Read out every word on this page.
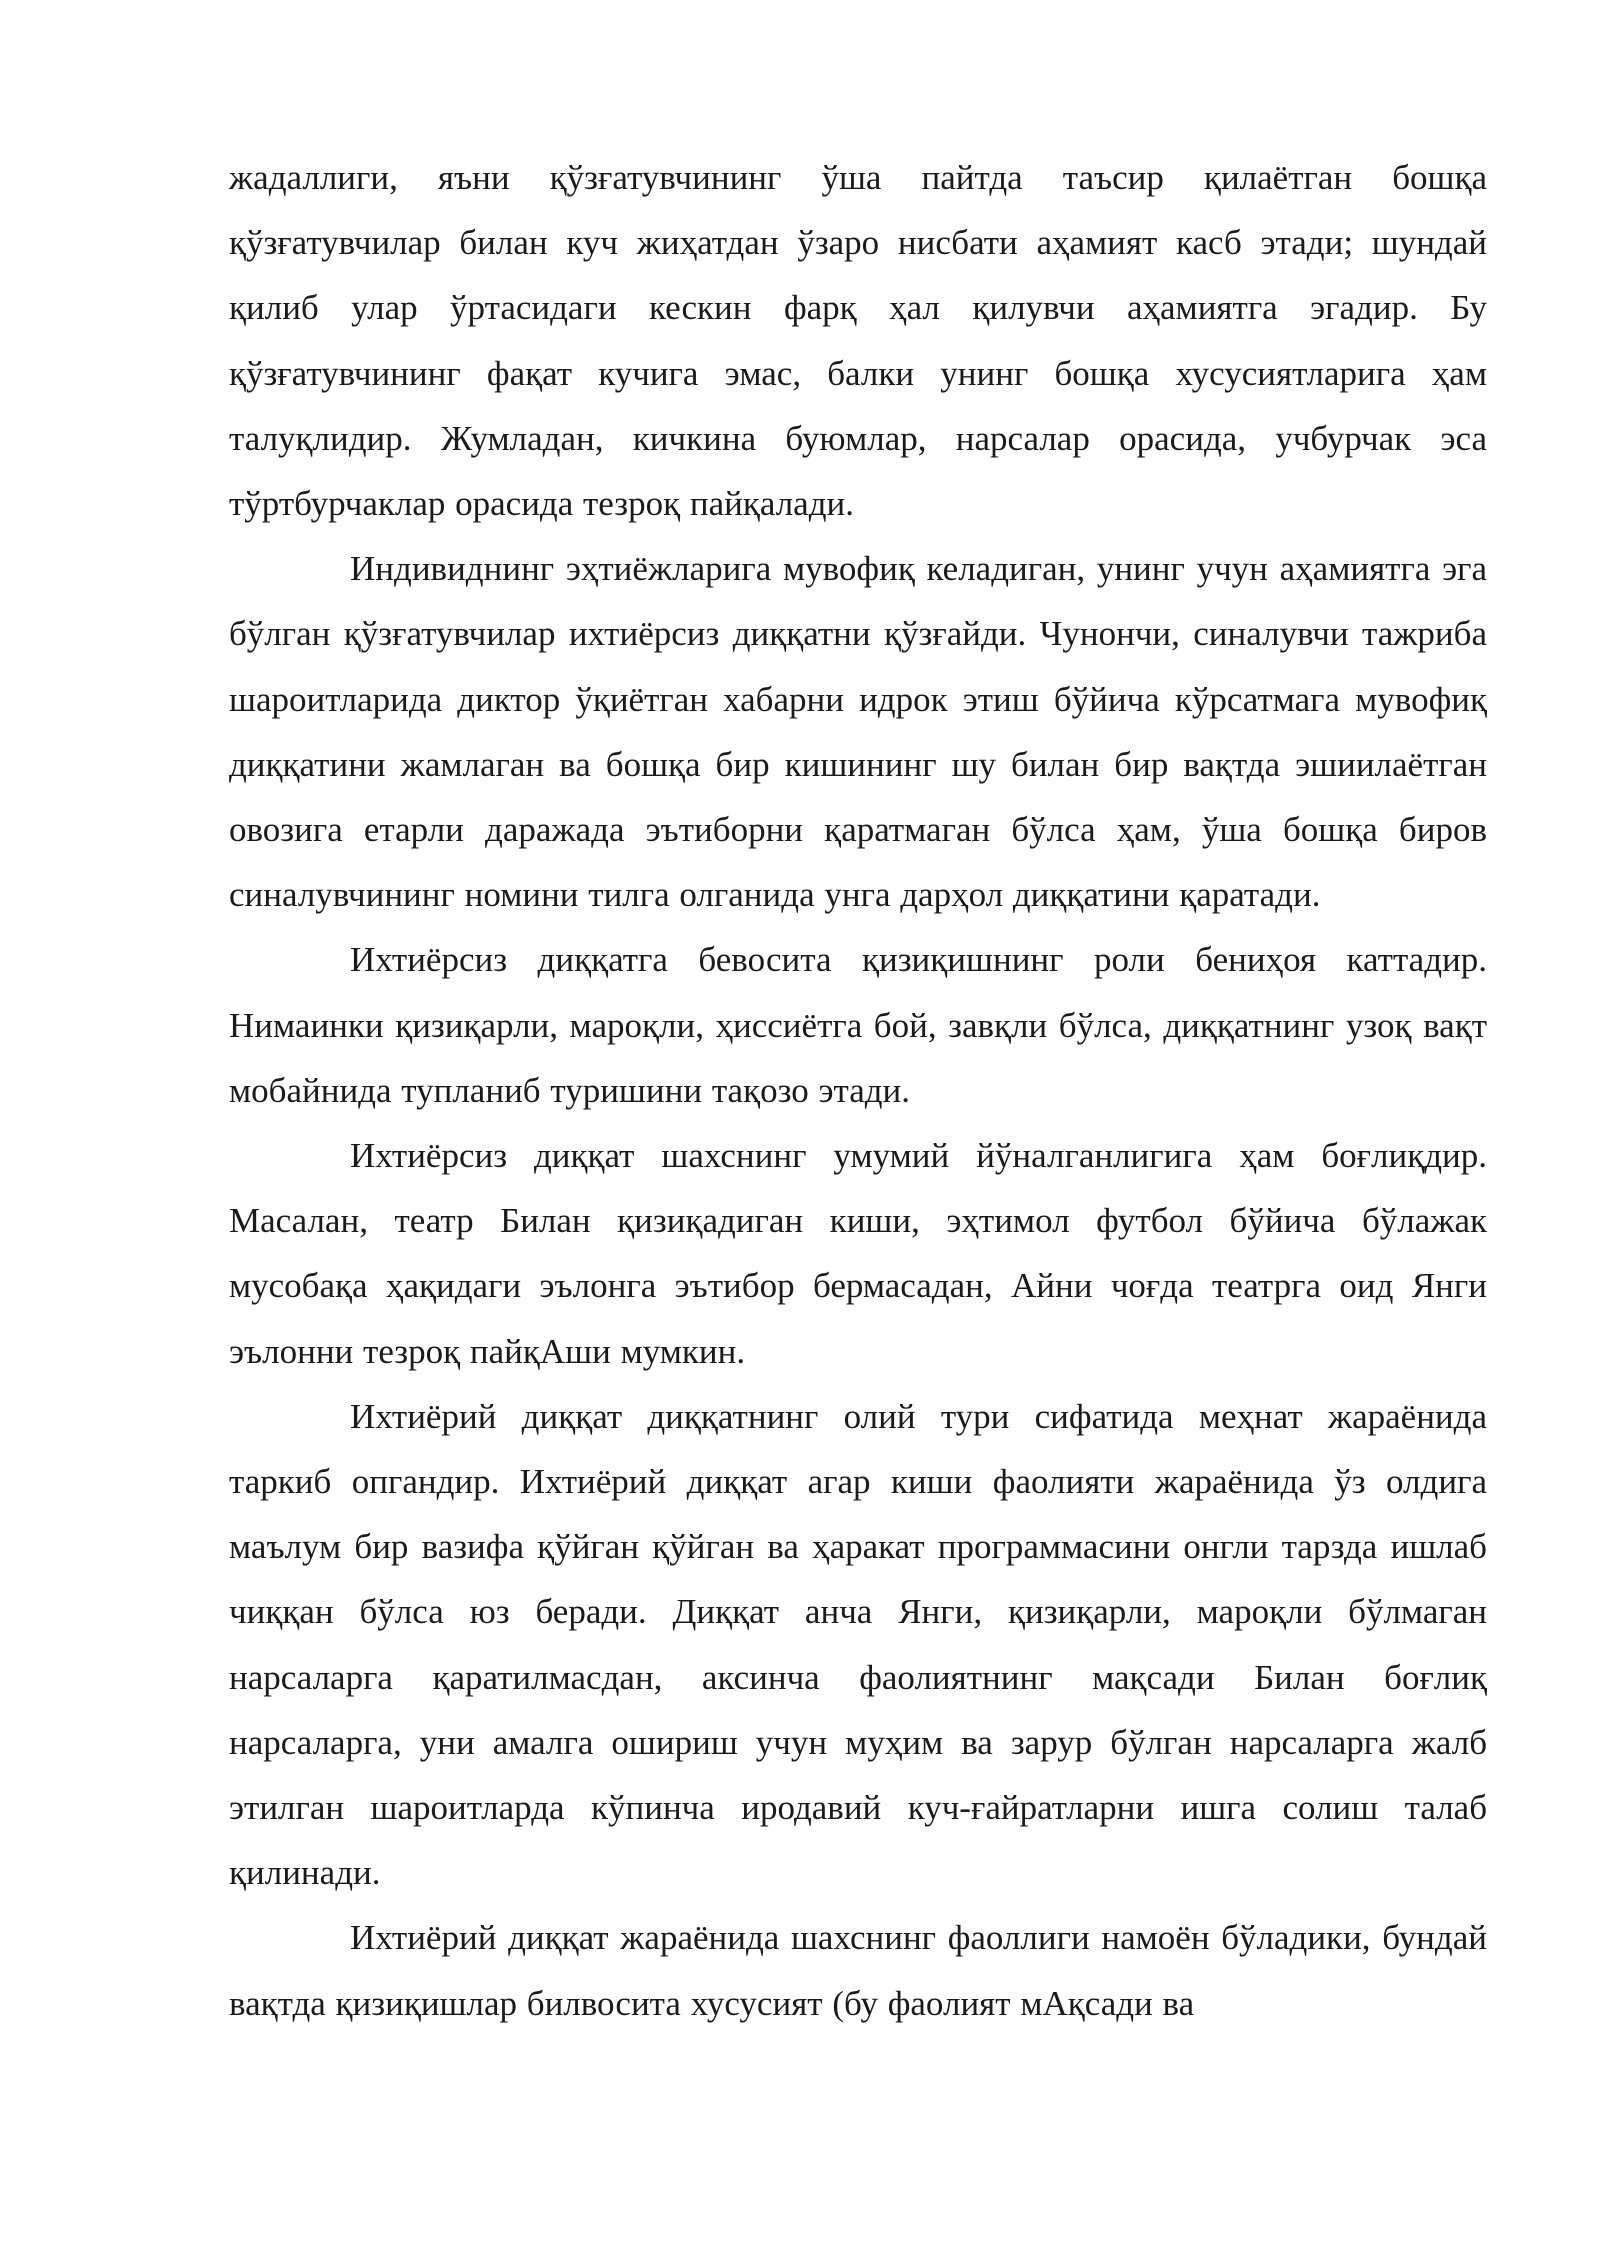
жадаллиги, яъни қўзғатувчининг ўша пайтда таъсир қилаётган бошқа қўзғатувчилар билан куч жиҳатдан ўзаро нисбати аҳамият касб этади; шундай қилиб улар ўртасидаги кескин фарқ ҳал қилувчи аҳамиятга эгадир. Бу қўзғатувчининг фақат кучига эмас, балки унинг бошқа хусусиятларига ҳам талуқлидир. Жумладан, кичкина буюмлар, нарсалар орасида, учбурчак эса тўртбурчаклар орасида тезроқ пайқалади.

Индивиднинг эҳтиёжларига мувофиқ келадиган, унинг учун аҳамиятга эга бўлган қўзғатувчилар ихтиёрсиз диққатни қўзғайди. Чунончи, синалувчи тажриба шароитларида диктор ўқиётган хабарни идрок этиш бўйича кўрсатмага мувофиқ диққатини жамлаган ва бошқа бир кишининг шу билан бир вақтда эшиилаётган овозига етарли даражада эътиборни қаратмаган бўлса ҳам, ўша бошқа биров синалувчининг номини тилга олганида унга дарҳол диққатини қаратади.

Ихтиёрсиз диққатга бевосита қизиқишнинг роли бениҳоя каттадир. Нимаинки қизиқарли, мароқли, ҳиссиётга бой, завқли бўлса, диққатнинг узоқ вақт мобайнида тупланиб туришини тақозо этади.

Ихтиёрсиз диққат шахснинг умумий йўналганлигига ҳам боғлиқдир. Масалан, театр Билан қизиқадиган киши, эҳтимол футбол бўйича бўлажак мусобақа ҳақидаги эълонга эътибор бермасадан, Айни чоғда театрга оид Янги эълонни тезроқ пайқАши мумкин.

Ихтиёрий диққат диққатнинг олий тури сифатида меҳнат жараёнида таркиб опгандир. Ихтиёрий диққат агар киши фаолияти жараёнида ўз олдига маълум бир вазифа қўйган қўйган ва ҳаракат программасини онгли тарзда ишлаб чиққан бўлса юз беради. Диққат анча Янги, қизиқарли, мароқли бўлмаган нарсаларга қаратилмасдан, аксинча фаолиятнинг мақсади Билан боғлиқ нарсаларга, уни амалга ошириш учун муҳим ва зарур бўлган нарсаларга жалб этилган шароитларда кўпинча иродавий куч-ғайратларни ишга солиш талаб қилинади.

Ихтиёрий диққат жараёнида шахснинг фаоллиги намоён бўладики, бундай вақтда қизиқишлар билвосита хусусият (бу фаолият мАқсади ва
